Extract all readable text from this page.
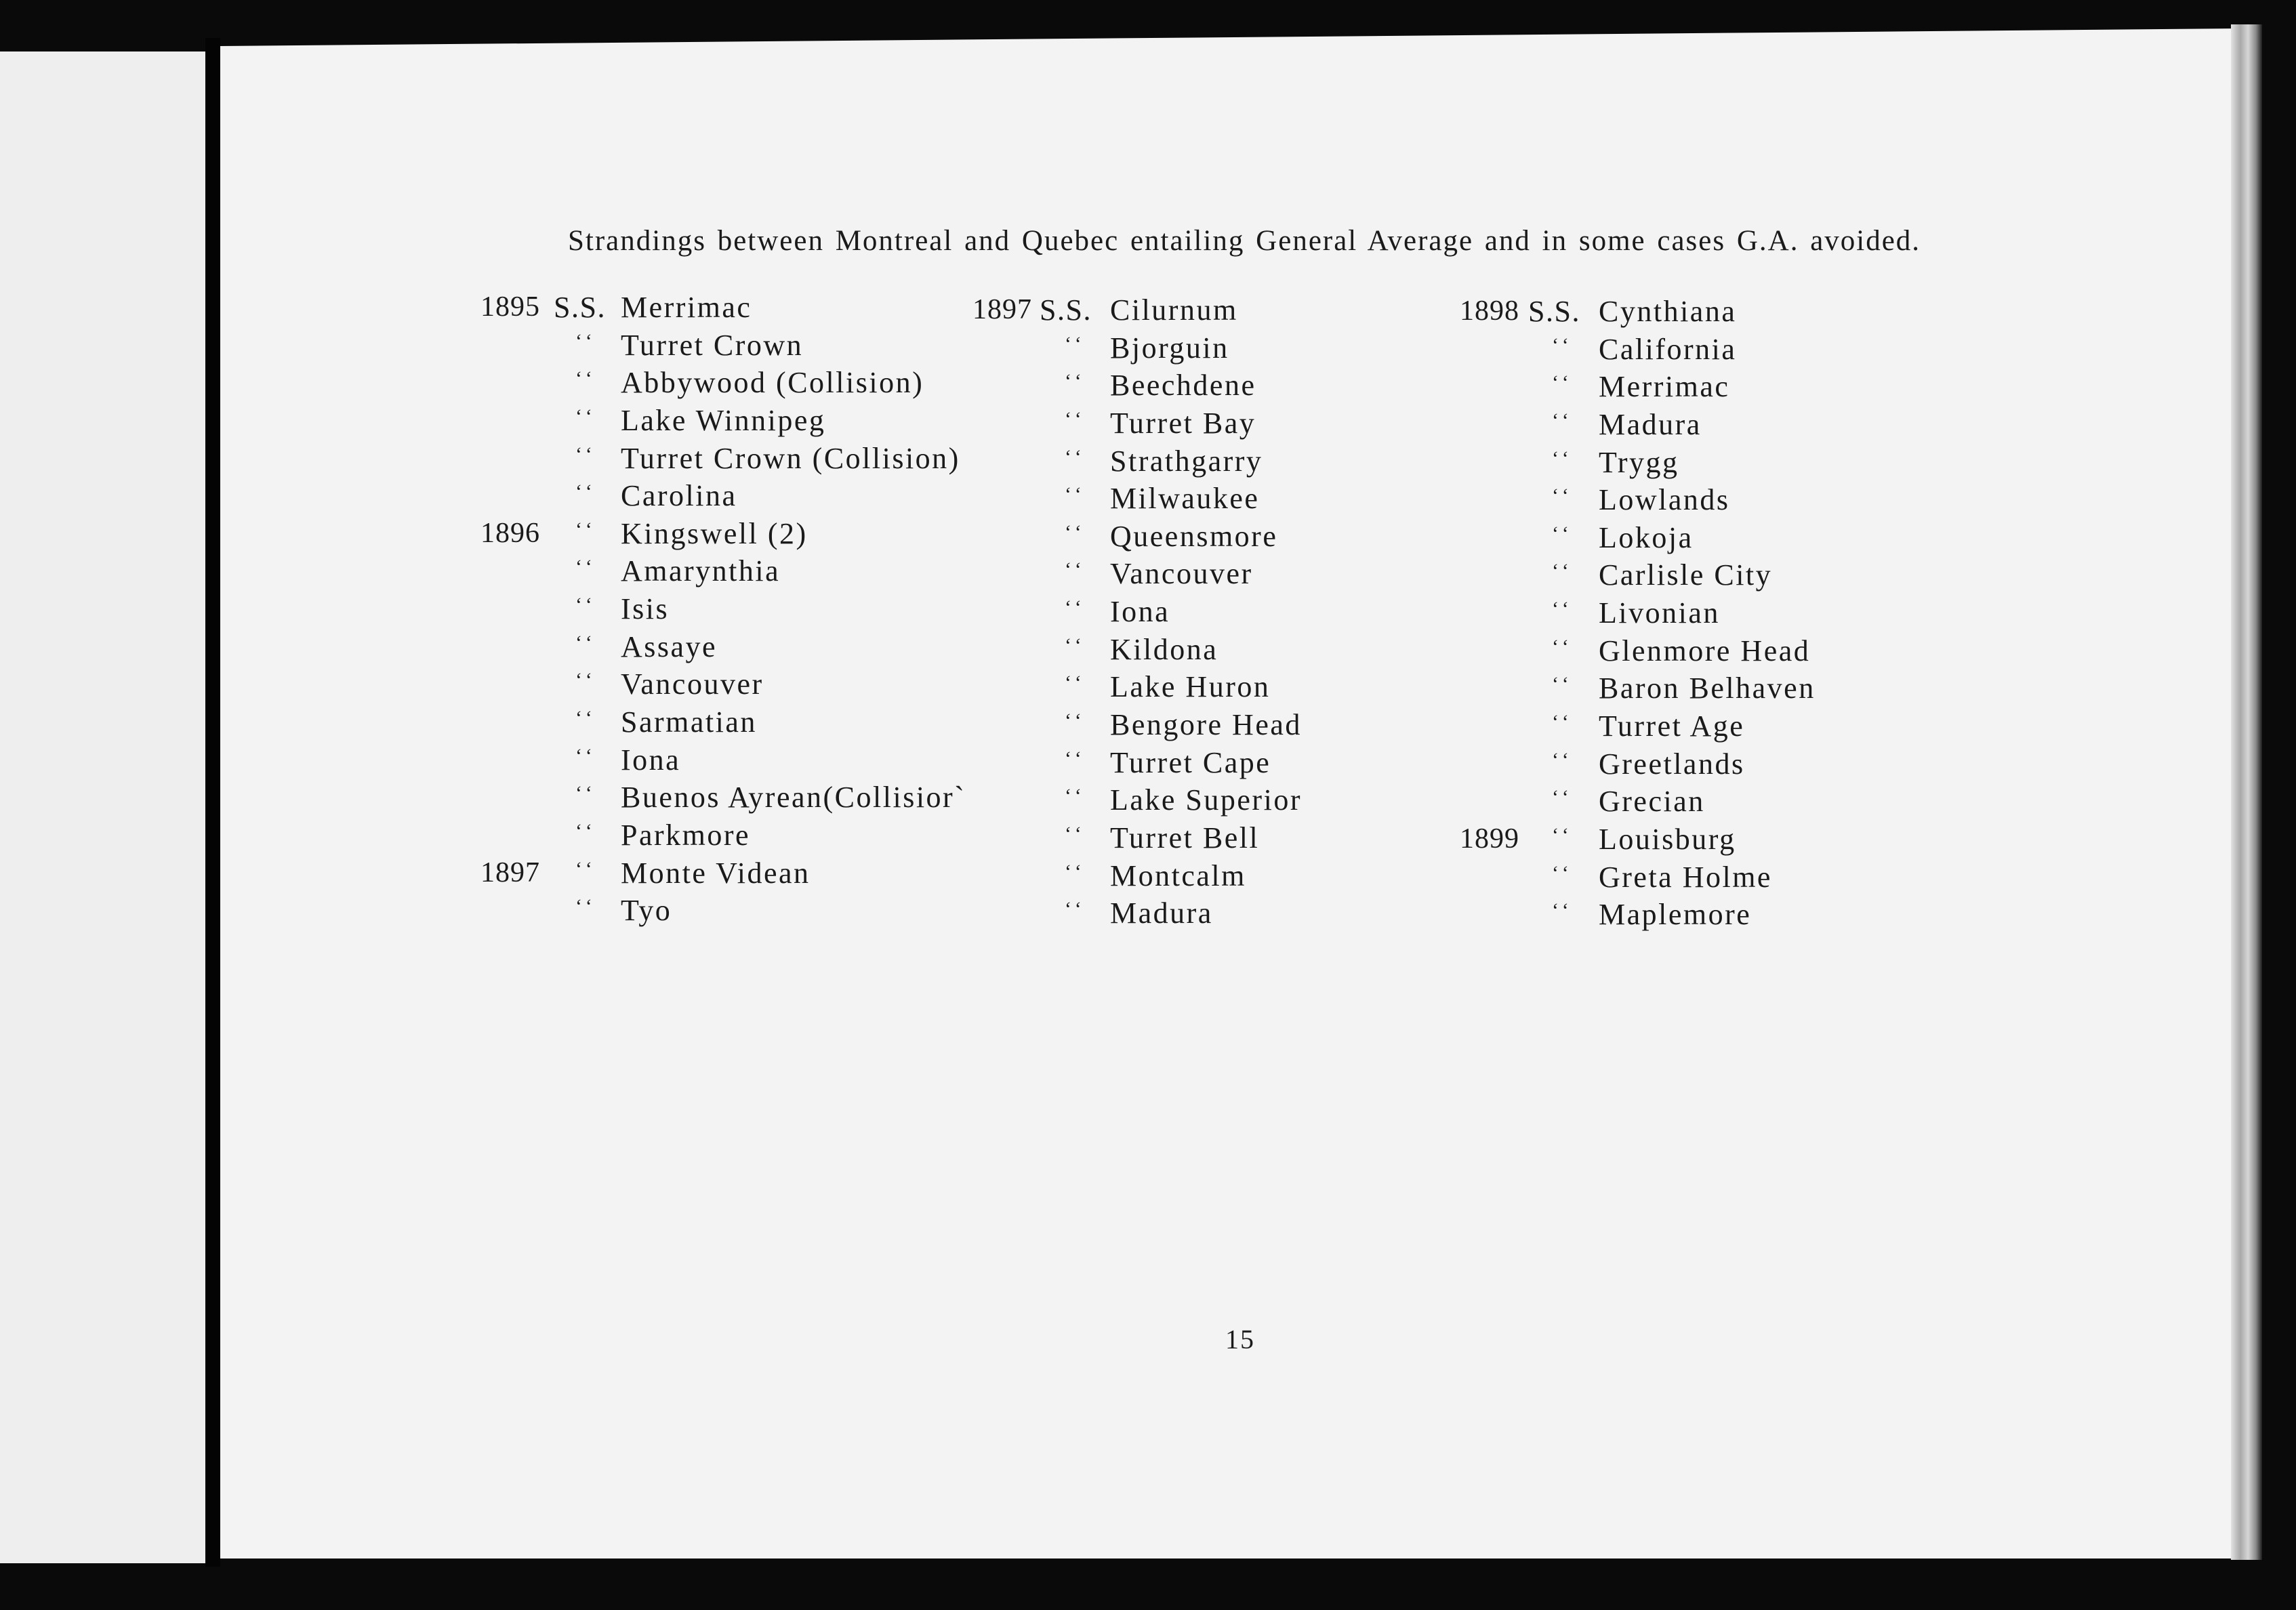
Strandings between Montreal and Quebec entailing General Average and in some cases G.A. avoided.
1895 S.S. Merrimac
‘‘ Turret Crown
‘‘ Abbywood (Collision)
‘‘ Lake Winnipeg
‘‘ Turret Crown (Collision)
‘‘ Carolina
1896 ‘‘ Kingswell (2)
‘‘ Amarynthia
‘‘ Isis
‘‘ Assaye
‘‘ Vancouver
‘‘ Sarmatian
‘‘ Iona
‘‘ Buenos Ayrean(Collisior`
‘‘ Parkmore
1897 ‘‘ Monte Videan
‘‘ Tyo
1897 S.S. Cilurnum
‘‘ Bjorguin
‘‘ Beechdene
‘‘ Turret Bay
‘‘ Strathgarry
‘‘ Milwaukee
‘‘ Queensmore
‘‘ Vancouver
‘‘ Iona
‘‘ Kildona
‘‘ Lake Huron
‘‘ Bengore Head
‘‘ Turret Cape
‘‘ Lake Superior
‘‘ Turret Bell
‘‘ Montcalm
‘‘ Madura
1898 S.S. Cynthiana
‘‘ California
‘‘ Merrimac
‘‘ Madura
‘‘ Trygg
‘‘ Lowlands
‘‘ Lokoja
‘‘ Carlisle City
‘‘ Livonian
‘‘ Glenmore Head
‘‘ Baron Belhaven
‘‘ Turret Age
‘‘ Greetlands
‘‘ Grecian
1899 ‘‘ Louisburg
‘‘ Greta Holme
‘‘ Maplemore
15
